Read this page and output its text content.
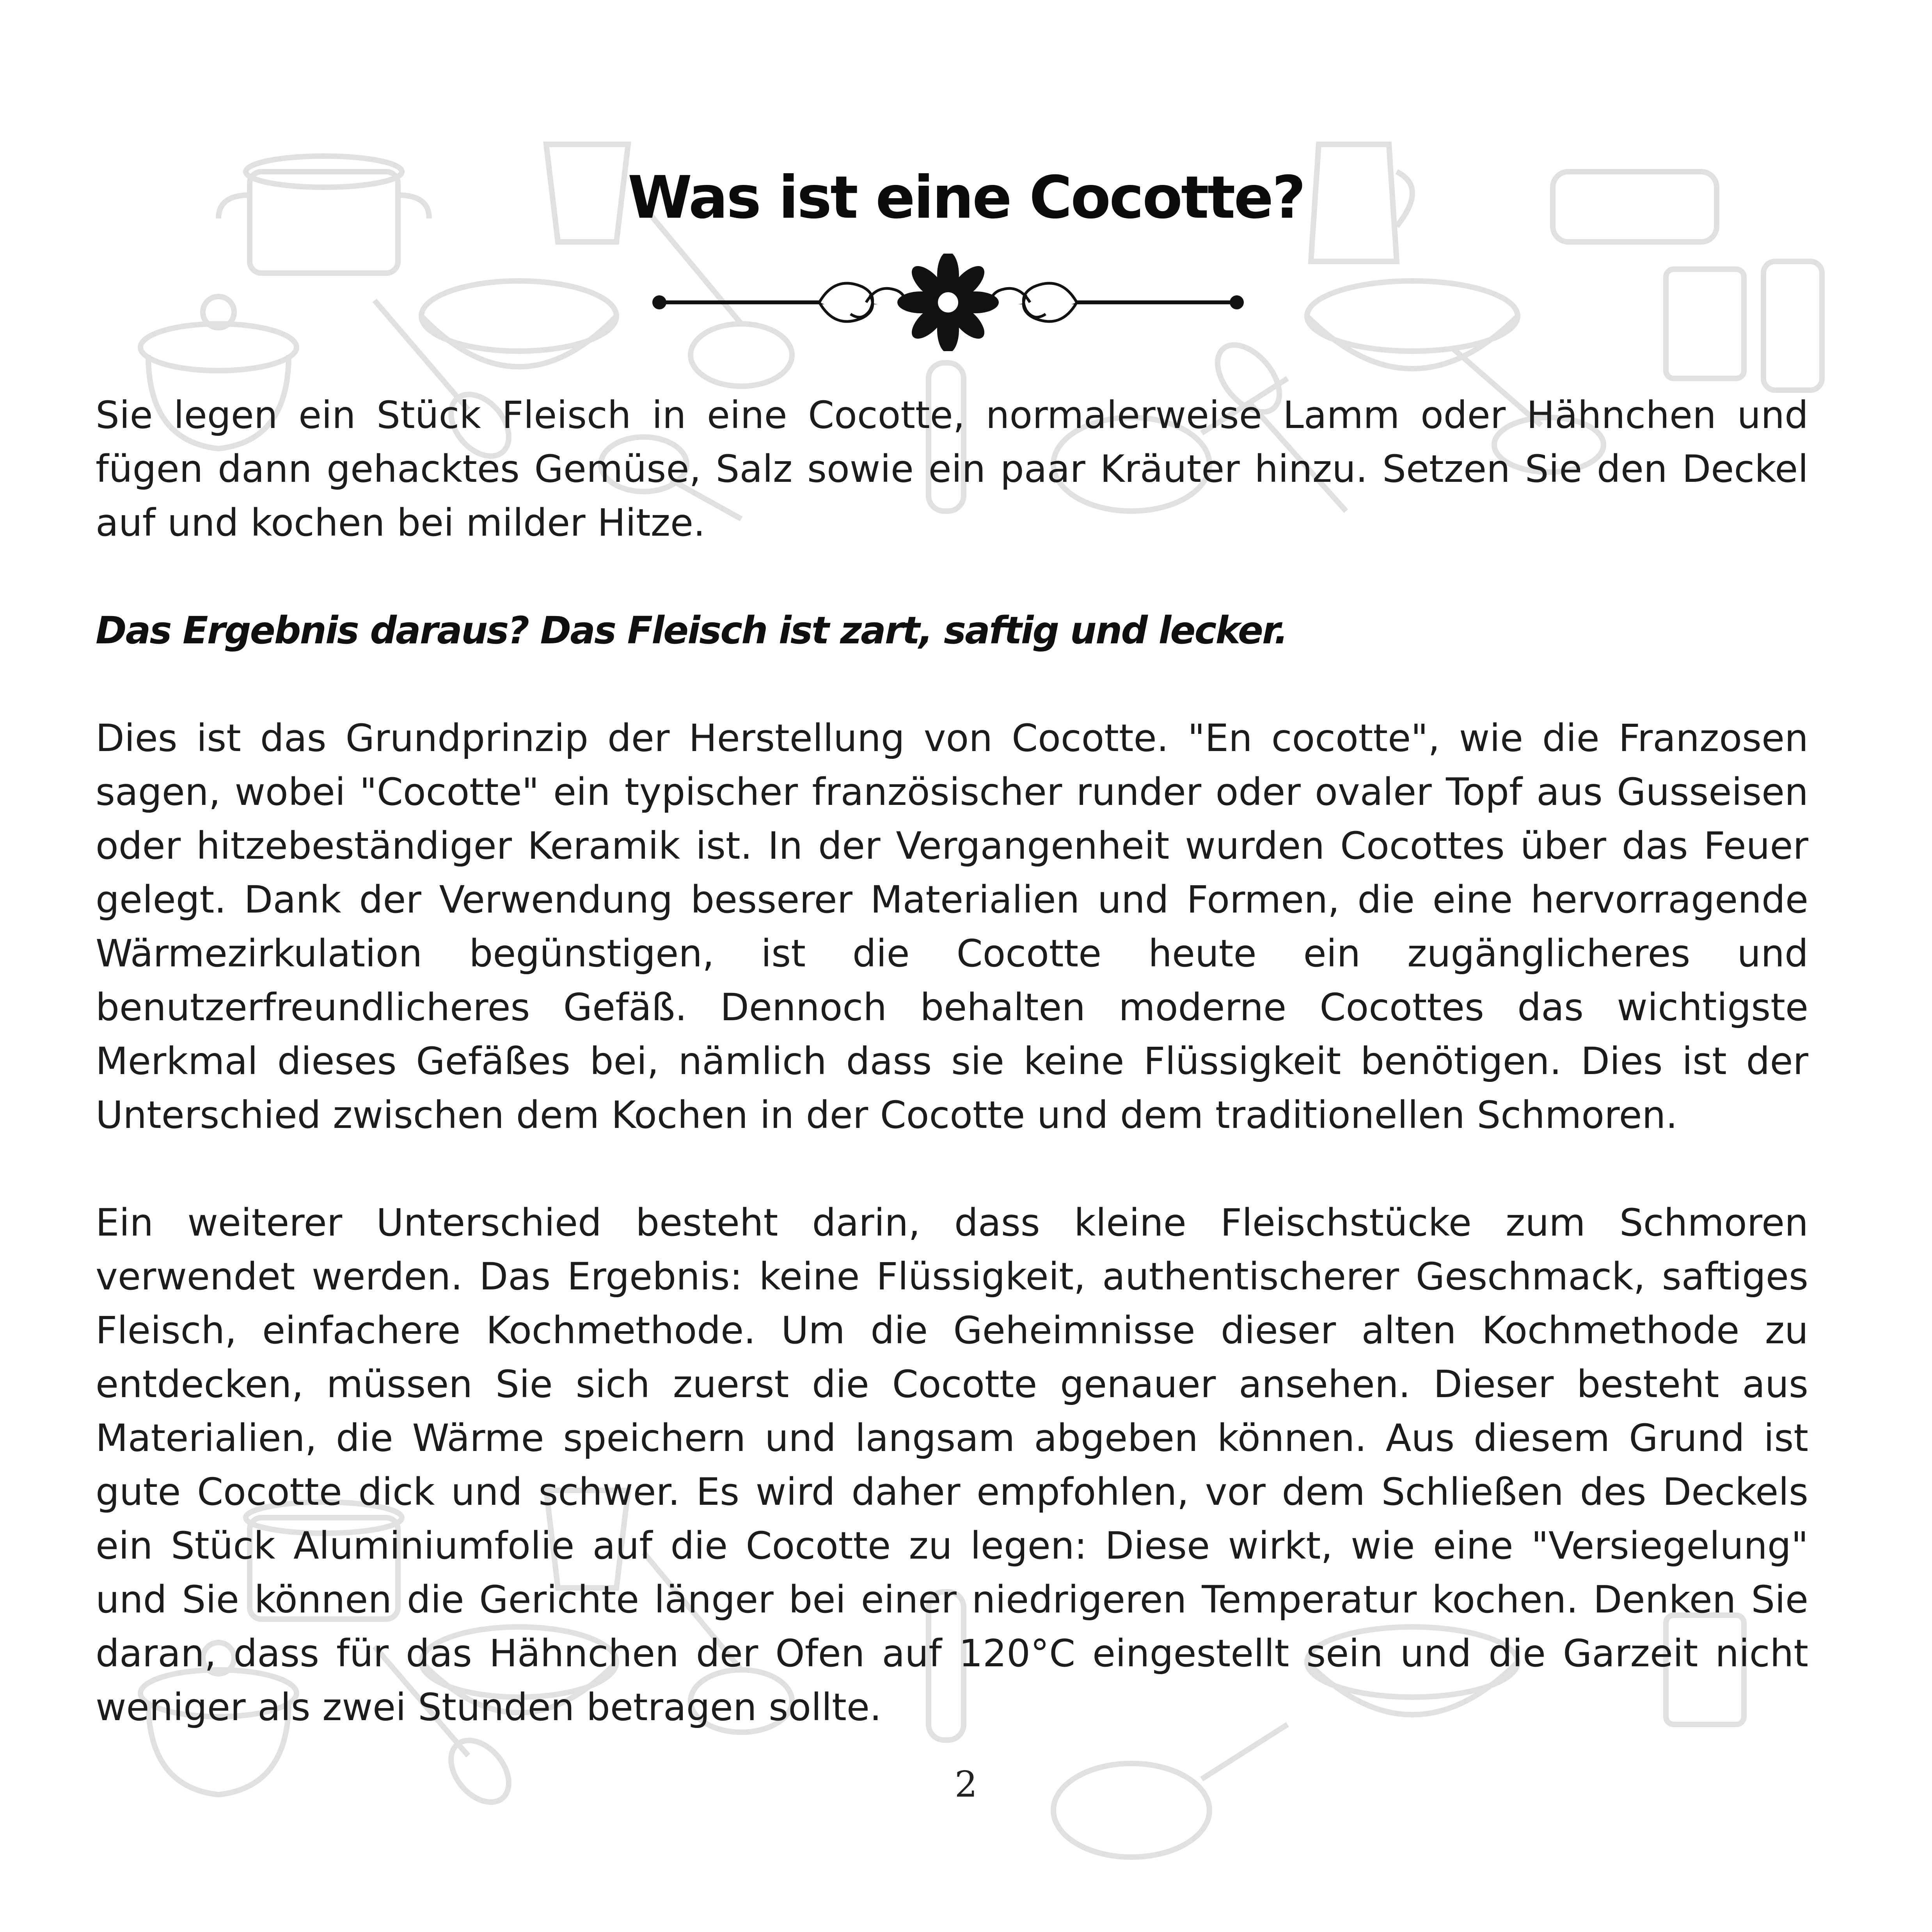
Was ist eine Cocotte?

Sie legen ein Stück Fleisch in eine Cocotte, normalerweise Lamm oder Hähnchen und fügen dann gehacktes Gemüse, Salz sowie ein paar Kräuter hinzu. Setzen Sie den Deckel auf und kochen bei milder Hitze.

Das Ergebnis daraus? Das Fleisch ist zart, saftig und lecker.

Dies ist das Grundprinzip der Herstellung von Cocotte. "En cocotte", wie die Franzosen sagen, wobei "Cocotte" ein typischer französischer runder oder ovaler Topf aus Gusseisen oder hitzebeständiger Keramik ist. In der Vergangenheit wurden Cocottes über das Feuer gelegt. Dank der Verwendung besserer Materialien und Formen, die eine hervorragende Wärmezirkulation begünstigen, ist die Cocotte heute ein zugänglicheres und benutzerfreundlicheres Gefäß. Dennoch behalten moderne Cocottes das wichtigste Merkmal dieses Gefäßes bei, nämlich dass sie keine Flüssigkeit benötigen. Dies ist der Unterschied zwischen dem Kochen in der Cocotte und dem traditionellen Schmoren.

Ein weiterer Unterschied besteht darin, dass kleine Fleischstücke zum Schmoren verwendet werden. Das Ergebnis: keine Flüssigkeit, authentischerer Geschmack, saftiges Fleisch, einfachere Kochmethode. Um die Geheimnisse dieser alten Kochmethode zu entdecken, müssen Sie sich zuerst die Cocotte genauer ansehen. Dieser besteht aus Materialien, die Wärme speichern und langsam abgeben können. Aus diesem Grund ist gute Cocotte dick und schwer. Es wird daher empfohlen, vor dem Schließen des Deckels ein Stück Aluminiumfolie auf die Cocotte zu legen: Diese wirkt, wie eine "Versiegelung" und Sie können die Gerichte länger bei einer niedrigeren Temperatur kochen. Denken Sie daran, dass für das Hähnchen der Ofen auf 120°C eingestellt sein und die Garzeit nicht weniger als zwei Stunden betragen sollte.

2
